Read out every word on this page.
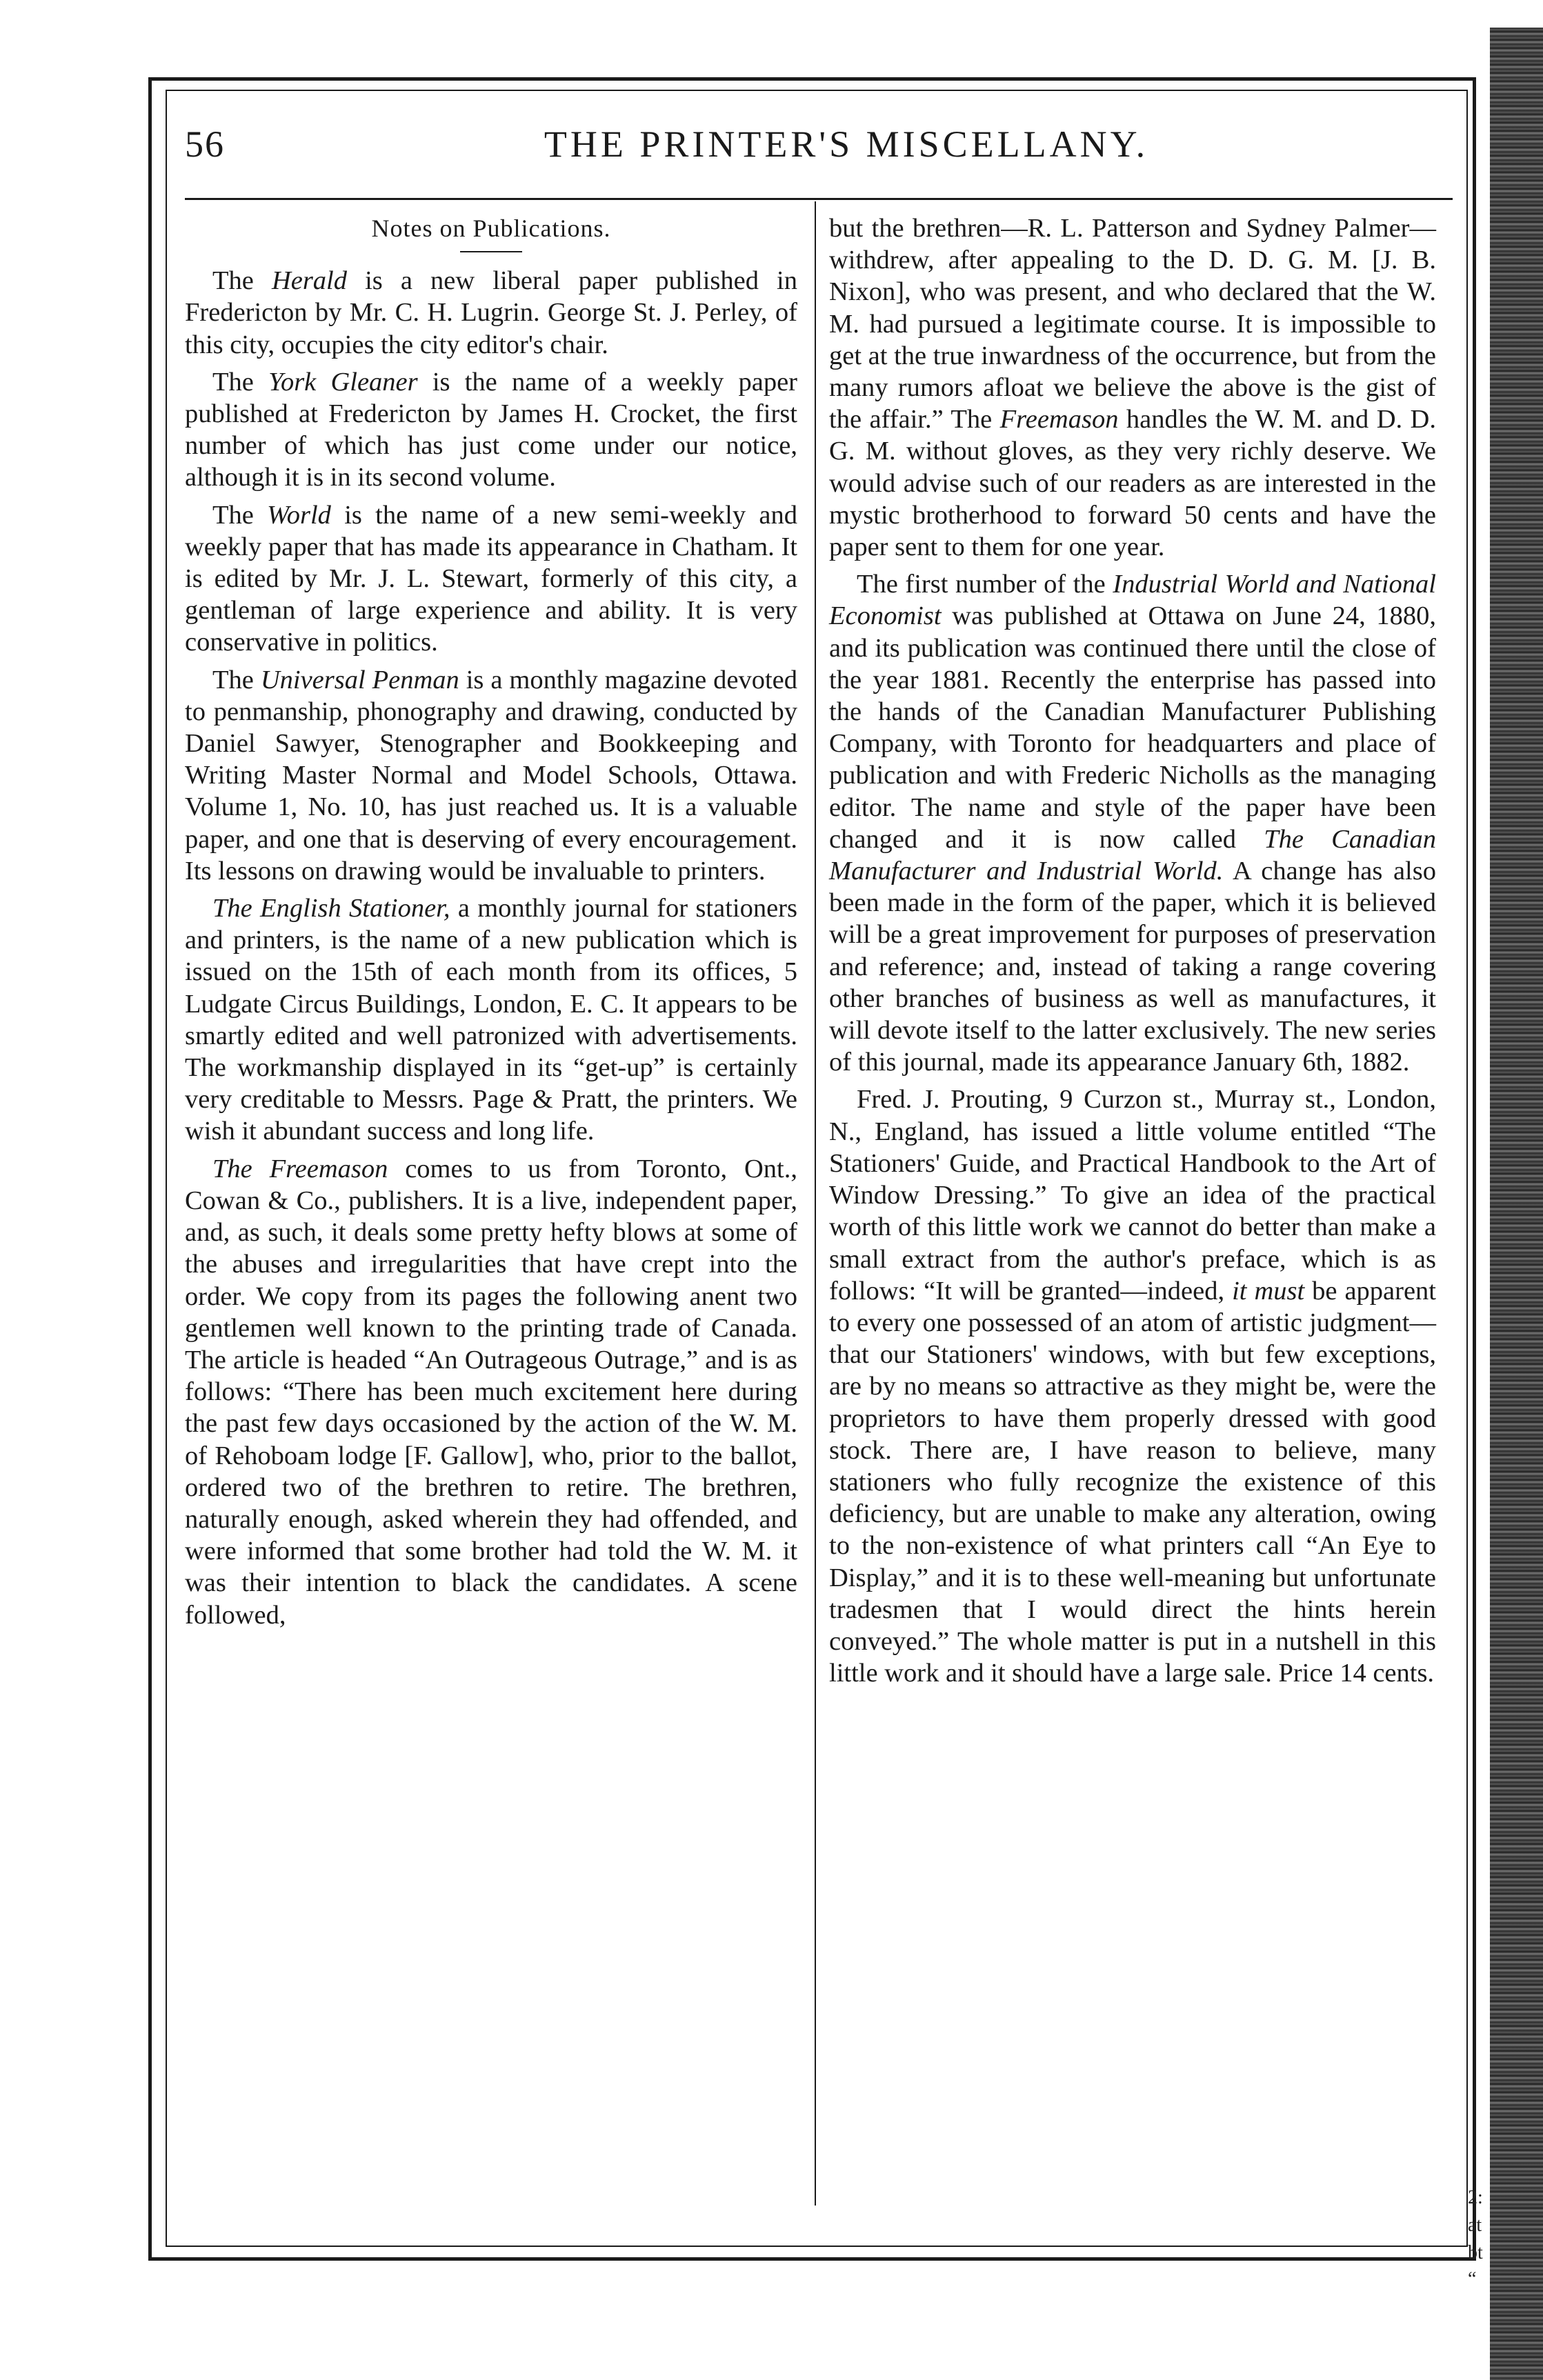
56	THE PRINTER'S MISCELLANY.
Notes on Publications.

The Herald is a new liberal paper published in Fredericton by Mr. C. H. Lugrin. George St. J. Perley, of this city, occupies the city editor's chair.

The York Gleaner is the name of a weekly paper published at Fredericton by James H. Crocket, the first number of which has just come under our notice, although it is in its second volume.

The World is the name of a new semi-weekly and weekly paper that has made its appearance in Chatham. It is edited by Mr. J. L. Stewart, formerly of this city, a gentleman of large experience and ability. It is very conservative in politics.

The Universal Penman is a monthly magazine devoted to penmanship, phonography and drawing, conducted by Daniel Sawyer, Stenographer and Bookkeeping and Writing Master Normal and Model Schools, Ottawa. Volume 1, No. 10, has just reached us. It is a valuable paper, and one that is deserving of every encouragement. Its lessons on drawing would be invaluable to printers.

The English Stationer, a monthly journal for stationers and printers, is the name of a new publication which is issued on the 15th of each month from its offices, 5 Ludgate Circus Buildings, London, E. C. It appears to be smartly edited and well patronized with advertisements. The workmanship displayed in its “get-up” is certainly very creditable to Messrs. Page & Pratt, the printers. We wish it abundant success and long life.

The Freemason comes to us from Toronto, Ont., Cowan & Co., publishers. It is a live, independent paper, and, as such, it deals some pretty hefty blows at some of the abuses and irregularities that have crept into the order. We copy from its pages the following anent two gentlemen well known to the printing trade of Canada. The article is headed “An Outrageous Outrage,” and is as follows: “There has been much excitement here during the past few days occasioned by the action of the W. M. of Rehoboam lodge [F. Gallow], who, prior to the ballot, ordered two of the brethren to retire. The brethren, naturally enough, asked wherein they had offended, and were informed that some brother had told the W. M. it was their intention to black the candidates. A scene followed,

but the brethren—R. L. Patterson and Sydney Palmer—withdrew, after appealing to the D. D. G. M. [J. B. Nixon], who was present, and who declared that the W. M. had pursued a legitimate course. It is impossible to get at the true inwardness of the occurrence, but from the many rumors afloat we believe the above is the gist of the affair.” The Freemason handles the W. M. and D. D. G. M. without gloves, as they very richly deserve. We would advise such of our readers as are interested in the mystic brotherhood to forward 50 cents and have the paper sent to them for one year.

The first number of the Industrial World and National Economist was published at Ottawa on June 24, 1880, and its publication was continued there until the close of the year 1881. Recently the enterprise has passed into the hands of the Canadian Manufacturer Publishing Company, with Toronto for headquarters and place of publication and with Frederic Nicholls as the managing editor. The name and style of the paper have been changed and it is now called The Canadian Manufacturer and Industrial World. A change has also been made in the form of the paper, which it is believed will be a great improvement for purposes of preservation and reference; and, instead of taking a range covering other branches of business as well as manufactures, it will devote itself to the latter exclusively. The new series of this journal, made its appearance January 6th, 1882.

Fred. J. Prouting, 9 Curzon st., Murray st., London, N., England, has issued a little volume entitled “The Stationers' Guide, and Practical Handbook to the Art of Window Dressing.” To give an idea of the practical worth of this little work we cannot do better than make a small extract from the author's preface, which is as follows: “It will be granted—indeed, it must be apparent to every one possessed of an atom of artistic judgment—that our Stationers' windows, with but few exceptions, are by no means so attractive as they might be, were the proprietors to have them properly dressed with good stock. There are, I have reason to believe, many stationers who fully recognize the existence of this deficiency, but are unable to make any alteration, owing to the non-existence of what printers call “An Eye to Display,” and it is to these well-meaning but unfortunate tradesmen that I would direct the hints herein conveyed.” The whole matter is put in a nutshell in this little work and it should have a large sale. Price 14 cents.

2:
at
bt
“
